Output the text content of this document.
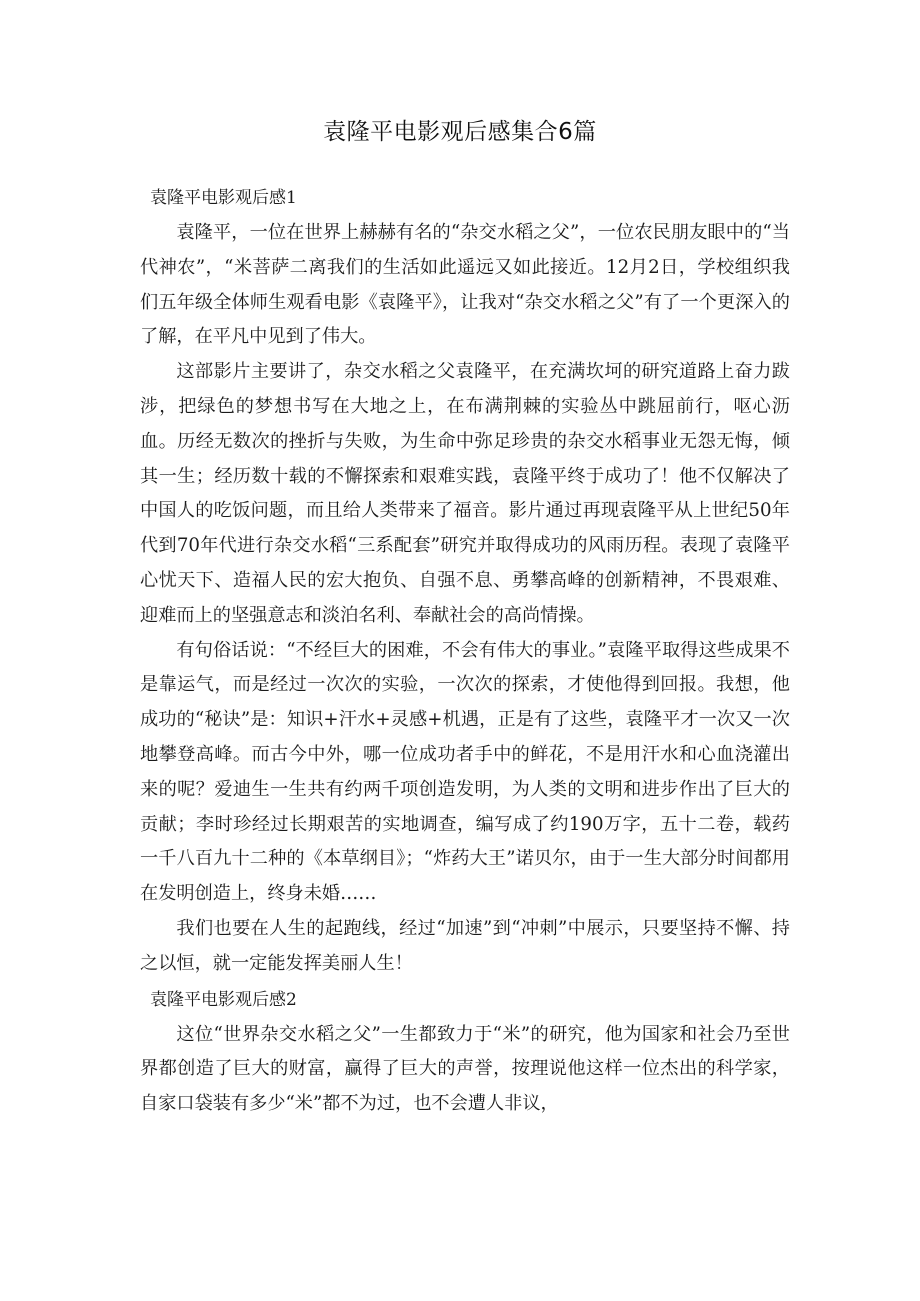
袁隆平电影观后感集合6篇
袁隆平电影观后感1

袁隆平，一位在世界上赫赫有名的“杂交水稻之父”，一位农民朋友眼中的“当代神农”，“米菩萨二离我们的生活如此遥远又如此接近。12月2日，学校组织我们五年级全体师生观看电影《袁隆平》，让我对“杂交水稻之父”有了一个更深入的了解，在平凡中见到了伟大。

这部影片主要讲了，杂交水稻之父袁隆平，在充满坎坷的研究道路上奋力跋涉，把绿色的梦想书写在大地之上，在布满荆棘的实验丛中跳屈前行，呕心沥血。历经无数次的挫折与失败，为生命中弥足珍贵的杂交水稻事业无怨无悔，倾其一生；经历数十载的不懈探索和艰难实践，袁隆平终于成功了！他不仅解决了中国人的吃饭问题，而且给人类带来了福音。影片通过再现袁隆平从上世纪50年代到70年代进行杂交水稻“三系配套”研究并取得成功的风雨历程。表现了袁隆平心忧天下、造福人民的宏大抱负、自强不息、勇攀高峰的创新精神，不畏艰难、迎难而上的坚强意志和淡泊名利、奉献社会的高尚情操。

有句俗话说：“不经巨大的困难，不会有伟大的事业。”袁隆平取得这些成果不是靠运气，而是经过一次次的实验，一次次的探索，才使他得到回报。我想，他成功的“秘诀”是：知识+汗水+灵感+机遇，正是有了这些，袁隆平才一次又一次地攀登高峰。而古今中外，哪一位成功者手中的鲜花，不是用汗水和心血浇灌出来的呢？爱迪生一生共有约两千项创造发明，为人类的文明和进步作出了巨大的贡献；李时珍经过长期艰苦的实地调查，编写成了约190万字，五十二卷，载药一千八百九十二种的《本草纲目》；“炸药大王”诺贝尔，由于一生大部分时间都用在发明创造上，终身未婚……

我们也要在人生的起跑线，经过“加速”到“冲刺”中展示，只要坚持不懈、持之以恒，就一定能发挥美丽人生！

袁隆平电影观后感2

这位“世界杂交水稻之父”一生都致力于“米”的研究，他为国家和社会乃至世界都创造了巨大的财富，赢得了巨大的声誉，按理说他这样一位杰出的科学家，自家口袋装有多少“米”都不为过，也不会遭人非议，
